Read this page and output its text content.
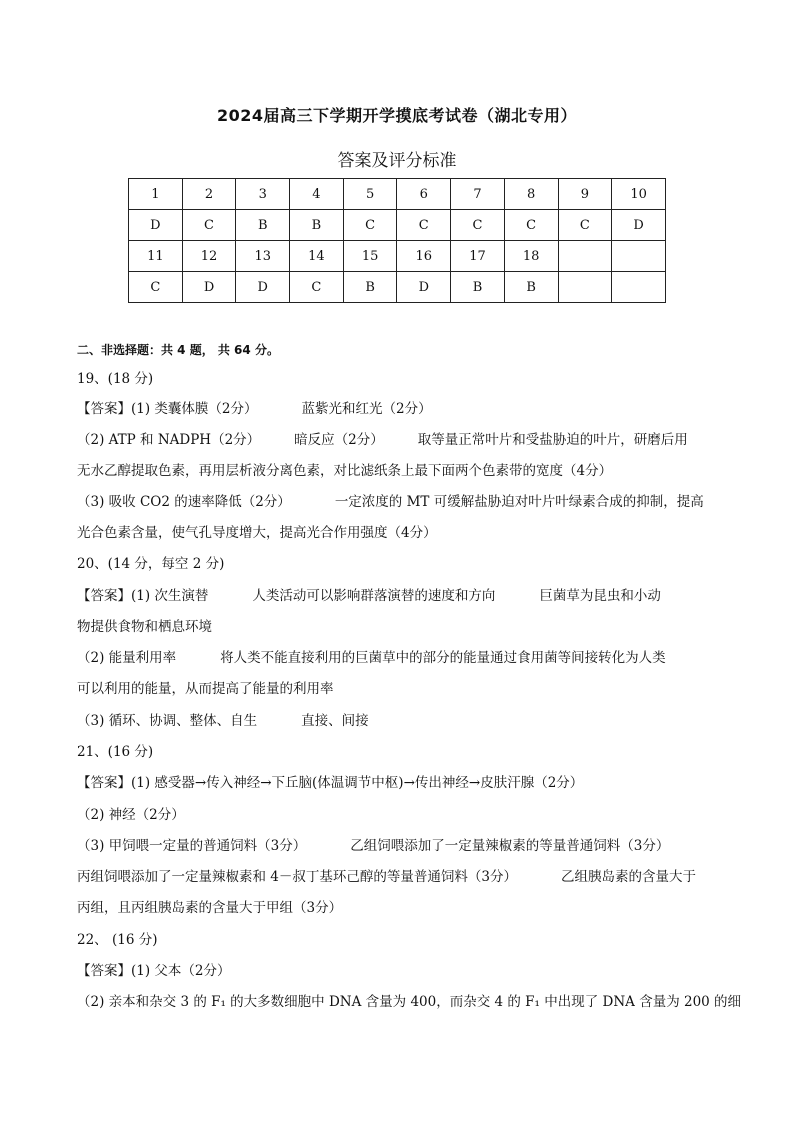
2024届高三下学期开学摸底考试卷（湖北专用）
答案及评分标准
1	2	3	4	5	6	7	8	9	10
D	C	B	B	C	C	C	C	C	D
11	12	13	14	15	16	17	18		
C	D	D	C	B	D	B	B		
二、非选择题：共 4 题， 共 64 分。
19、(18 分)
【答案】(1) 类囊体膜（2分）	蓝紫光和红光（2分）
（2) ATP 和 NADPH（2分）	暗反应（2分）	取等量正常叶片和受盐胁迫的叶片，研磨后用
无水乙醇提取色素，再用层析液分离色素，对比滤纸条上最下面两个色素带的宽度（4分）
（3) 吸收 CO2 的速率降低（2分）	一定浓度的 MT 可缓解盐胁迫对叶片叶绿素合成的抑制，提高
光合色素含量，使气孔导度增大，提高光合作用强度（4分）
20、(14 分，每空 2 分)
【答案】(1) 次生演替	人类活动可以影响群落演替的速度和方向	巨菌草为昆虫和小动
物提供食物和栖息环境
（2) 能量利用率	将人类不能直接利用的巨菌草中的部分的能量通过食用菌等间接转化为人类
可以利用的能量，从而提高了能量的利用率
（3) 循环、协调、整体、自生	直接、间接
21、(16 分)
【答案】(1) 感受器→传入神经→下丘脑(体温调节中枢)→传出神经→皮肤汗腺（2分）
（2) 神经（2分）
（3) 甲饲喂一定量的普通饲料（3分）	乙组饲喂添加了一定量辣椒素的等量普通饲料（3分）
丙组饲喂添加了一定量辣椒素和 4－叔丁基环己醇的等量普通饲料（3分）	乙组胰岛素的含量大于
丙组，且丙组胰岛素的含量大于甲组（3分）
22、 (16 分)
【答案】(1) 父本（2分）
（2) 亲本和杂交 3 的 F₁ 的大多数细胞中 DNA 含量为 400，而杂交 4 的 F₁ 中出现了 DNA 含量为 200 的细
